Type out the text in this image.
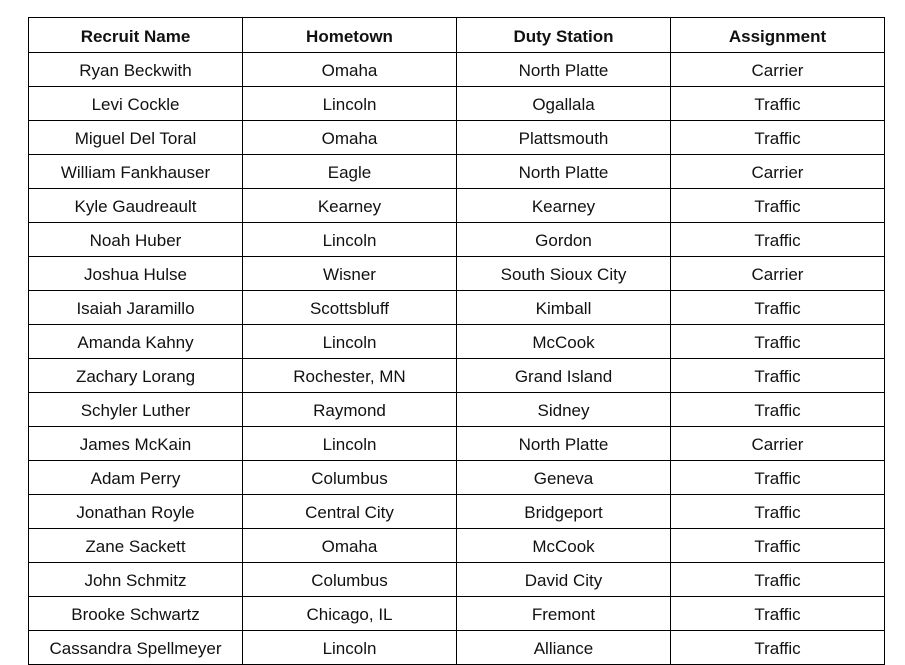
Recruit Name	Hometown	Duty Station	Assignment
Ryan Beckwith	Omaha	North Platte	Carrier
Levi Cockle	Lincoln	Ogallala	Traffic
Miguel Del Toral	Omaha	Plattsmouth	Traffic
William Fankhauser	Eagle	North Platte	Carrier
Kyle Gaudreault	Kearney	Kearney	Traffic
Noah Huber	Lincoln	Gordon	Traffic
Joshua Hulse	Wisner	South Sioux City	Carrier
Isaiah Jaramillo	Scottsbluff	Kimball	Traffic
Amanda Kahny	Lincoln	McCook	Traffic
Zachary Lorang	Rochester, MN	Grand Island	Traffic
Schyler Luther	Raymond	Sidney	Traffic
James McKain	Lincoln	North Platte	Carrier
Adam Perry	Columbus	Geneva	Traffic
Jonathan Royle	Central City	Bridgeport	Traffic
Zane Sackett	Omaha	McCook	Traffic
John Schmitz	Columbus	David City	Traffic
Brooke Schwartz	Chicago, IL	Fremont	Traffic
Cassandra Spellmeyer	Lincoln	Alliance	Traffic
